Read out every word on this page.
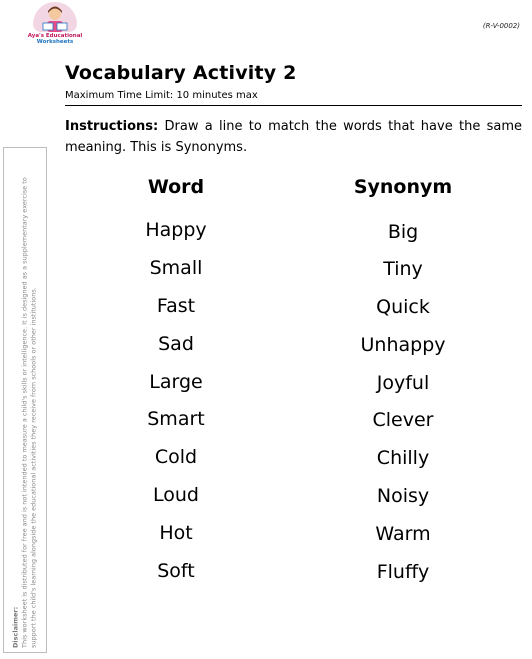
Aya's Educational
Worksheets
(R-V-0002)
Vocabulary Activity 2
Maximum Time Limit: 10 minutes max
Instructions: Draw a line to match the words that have the same meaning. This is Synonyms.
Disclaimer: This worksheet is distributed for free and is not intended to measure a child's skills or intelligence. It is designed as a supplementary exercise to support the child's learning alongside the educational activities they receive from schools or other institutions.
Word	Synonym
Happy
Small
Fast
Sad
Large
Smart
Cold
Loud
Hot
Soft
Big
Tiny
Quick
Unhappy
Joyful
Clever
Chilly
Noisy
Warm
Fluffy
